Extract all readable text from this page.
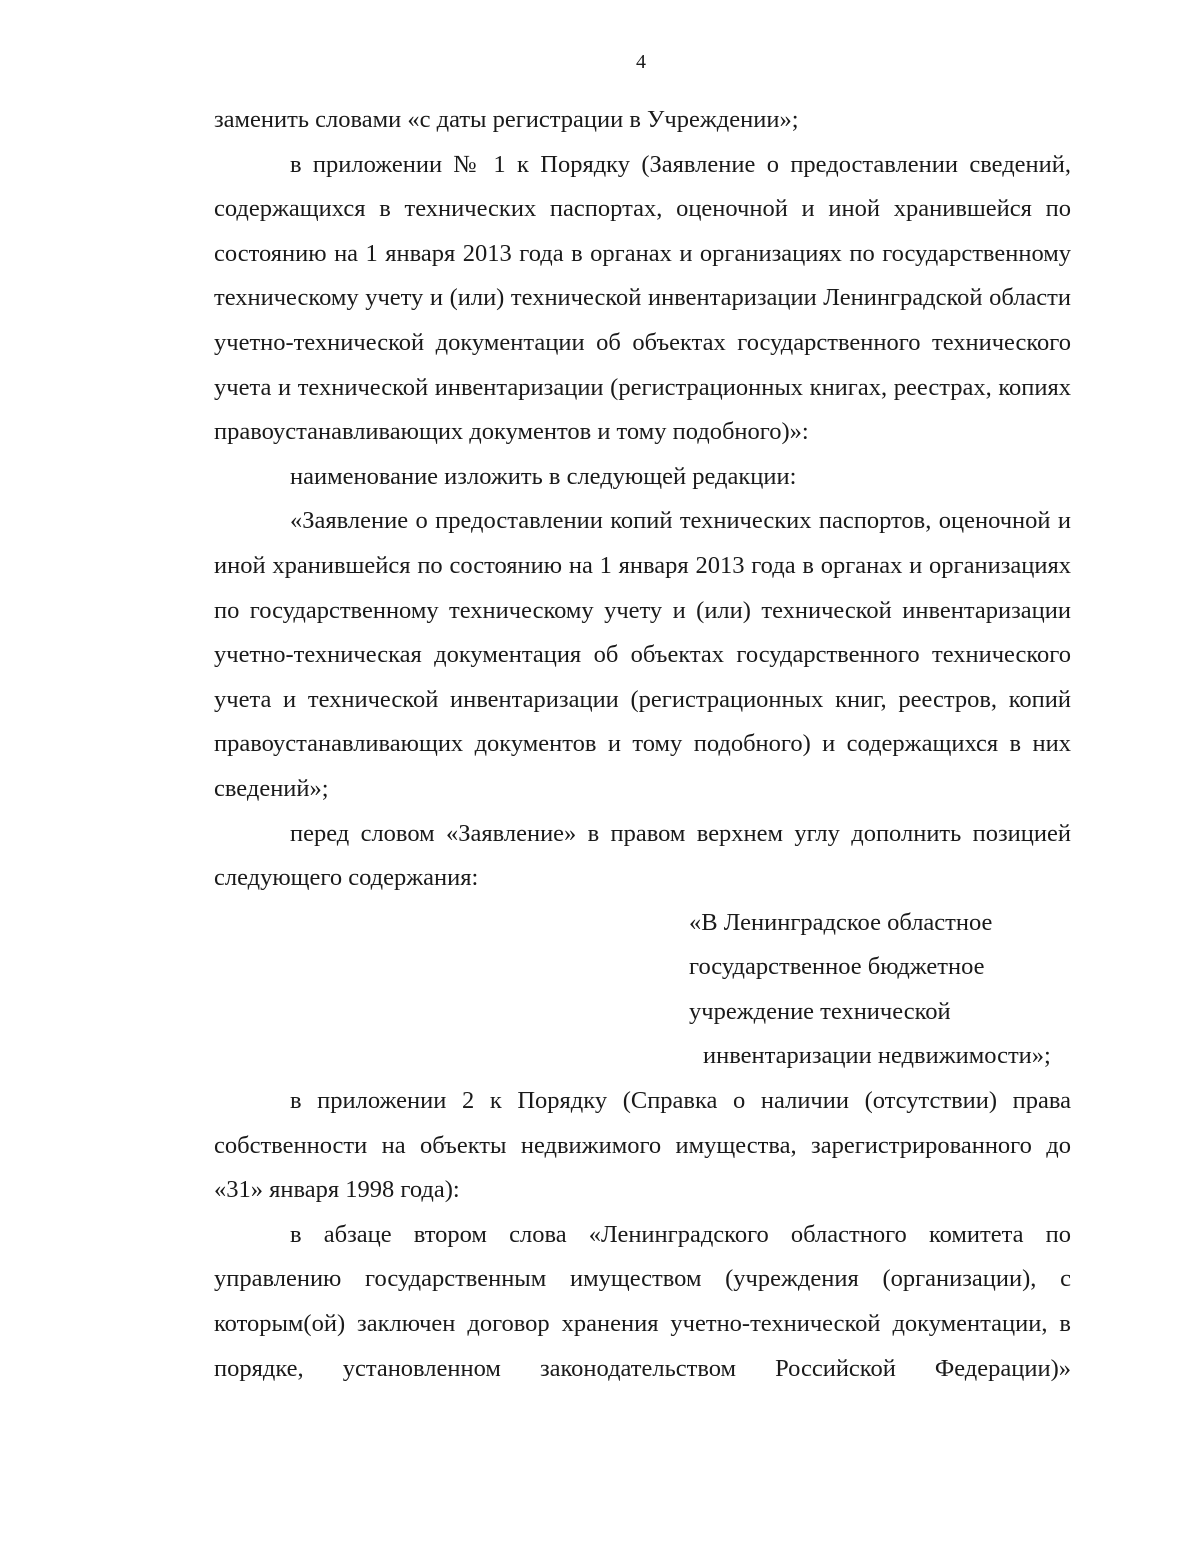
4

заменить словами «с даты регистрации в Учреждении»;

в приложении № 1 к Порядку (Заявление о предоставлении сведений, содержащихся в технических паспортах, оценочной и иной хранившейся по состоянию на 1 января 2013 года в органах и организациях по государственному техническому учету и (или) технической инвентаризации Ленинградской области учетно-технической документации об объектах государственного технического учета и технической инвентаризации (регистрационных книгах, реестрах, копиях правоустанавливающих документов и тому подобного)»:

наименование изложить в следующей редакции:

«Заявление о предоставлении копий технических паспортов, оценочной и иной хранившейся по состоянию на 1 января 2013 года в органах и организациях по государственному техническому учету и (или) технической инвентаризации учетно-техническая документация об объектах государственного технического учета и технической инвентаризации (регистрационных книг, реестров, копий правоустанавливающих документов и тому подобного) и содержащихся в них сведений»;

перед словом «Заявление» в правом верхнем углу дополнить позицией следующего содержания:

«В Ленинградское областное
государственное бюджетное
учреждение технической
инвентаризации недвижимости»;

в приложении 2 к Порядку (Справка о наличии (отсутствии) права собственности на объекты недвижимого имущества, зарегистрированного до «31» января 1998 года):

в абзаце втором слова «Ленинградского областного комитета по управлению государственным имуществом (учреждения (организации), с которым(ой) заключен договор хранения учетно-технической документации, в порядке, установленном законодательством Российской Федерации)»
